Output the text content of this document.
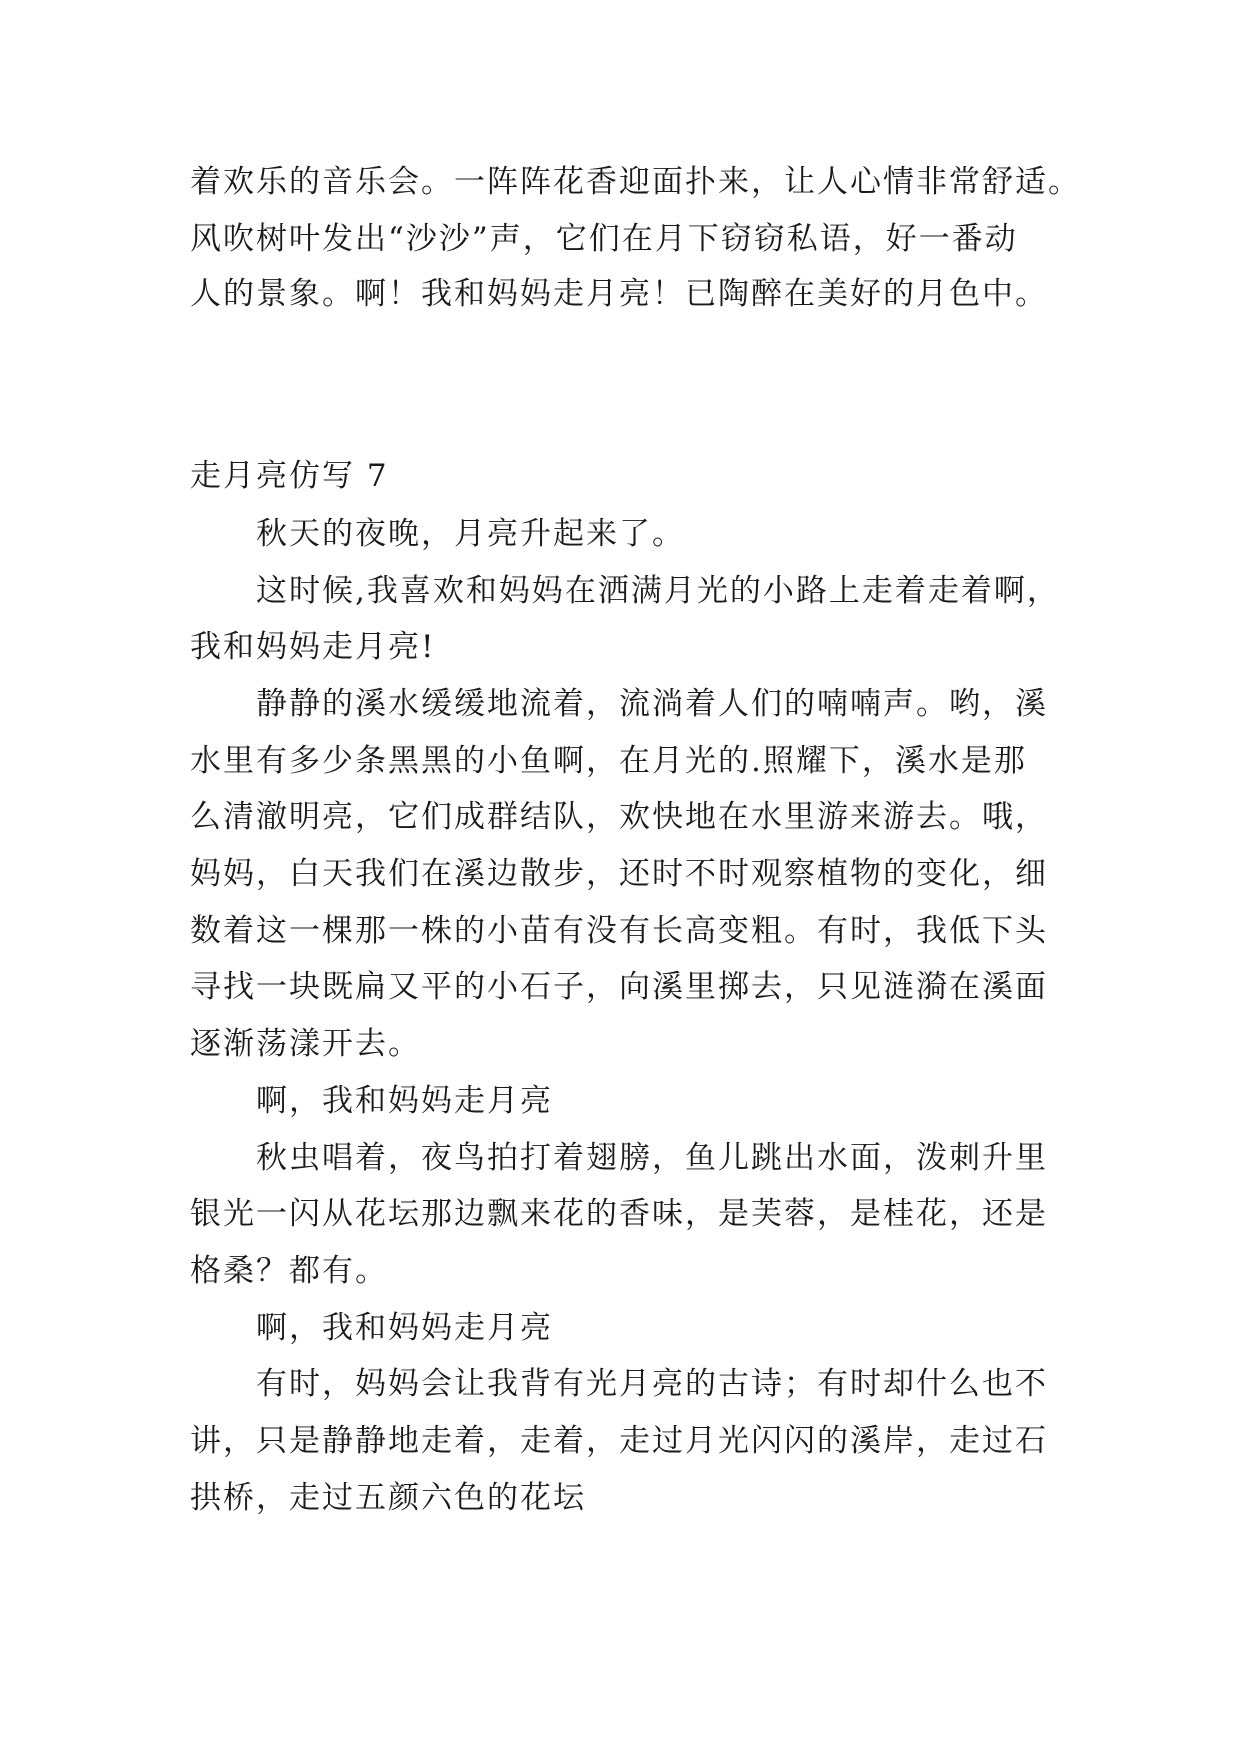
着欢乐的音乐会。一阵阵花香迎面扑来，让人心情非常舒适。
风吹树叶发出“沙沙”声，它们在月下窃窃私语，好一番动
人的景象。啊！我和妈妈走月亮！已陶醉在美好的月色中。
走月亮仿写 7
秋天的夜晚，月亮升起来了。
这时候,我喜欢和妈妈在洒满月光的小路上走着走着啊，
我和妈妈走月亮!
静静的溪水缓缓地流着，流淌着人们的喃喃声。哟，溪
水里有多少条黑黑的小鱼啊，在月光的.照耀下，溪水是那
么清澈明亮，它们成群结队，欢快地在水里游来游去。哦，
妈妈，白天我们在溪边散步，还时不时观察植物的变化，细
数着这一棵那一株的小苗有没有长高变粗。有时，我低下头
寻找一块既扁又平的小石子，向溪里掷去，只见涟漪在溪面
逐渐荡漾开去。
啊，我和妈妈走月亮
秋虫唱着，夜鸟拍打着翅膀，鱼儿跳出水面，泼刺升里
银光一闪从花坛那边飘来花的香味，是芙蓉，是桂花，还是
格桑？都有。
啊，我和妈妈走月亮
有时，妈妈会让我背有光月亮的古诗；有时却什么也不
讲，只是静静地走着，走着，走过月光闪闪的溪岸，走过石
拱桥，走过五颜六色的花坛
